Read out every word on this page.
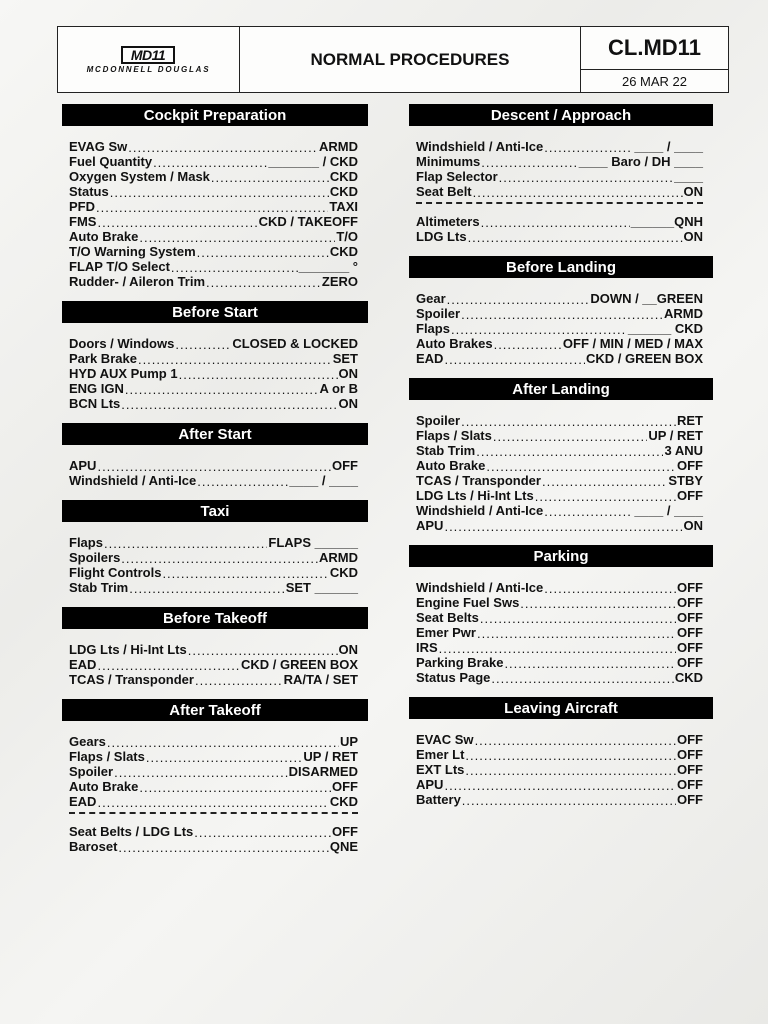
MD11
MCDONNELL DOUGLAS
NORMAL PROCEDURES	CL.MD11
26 MAR 22
Cockpit Preparation
EVAG Sw .....	ARMD
Fuel Quantity .....	_______ / CKD
Oxygen System / Mask .....	CKD
Status .....	CKD
PFD .....	TAXI
FMS .....	CKD / TAKEOFF
Auto Brake .....	T/O
T/O Warning System .....	CKD
FLAP T/O Select .....	_______ °
Rudder- / Aileron Trim .....	ZERO
Before Start
Doors / Windows .....	CLOSED & LOCKED
Park Brake .....	SET
HYD AUX Pump 1 .....	ON
ENG IGN .....	A or B
BCN Lts .....	ON
After Start
APU .....	OFF
Windshield / Anti-Ice .....	____ / ____
Taxi
Flaps .....	FLAPS ______
Spoilers .....	ARMD
Flight Controls .....	CKD
Stab Trim .....	SET ______
Before Takeoff
LDG Lts / Hi-Int Lts .....	ON
EAD .....	CKD / GREEN BOX
TCAS / Transponder .....	RA/TA / SET
After Takeoff
Gears .....	UP
Flaps / Slats .....	UP / RET
Spoiler .....	DISARMED
Auto Brake .....	OFF
EAD .....	CKD
Seat Belts / LDG Lts .....	OFF
Baroset .....	QNE
Descent / Approach
Windshield / Anti-Ice .....	____ / ____
Minimums .....	____ Baro / DH ____
Flap Selector .....	____
Seat Belt .....	ON
Altimeters .....	______QNH
LDG Lts .....	ON
Before Landing
Gear .....	DOWN / __GREEN
Spoiler .....	ARMD
Flaps .....	______ CKD
Auto Brakes .....	OFF / MIN / MED / MAX
EAD .....	CKD / GREEN BOX
After Landing
Spoiler .....	RET
Flaps / Slats .....	UP / RET
Stab Trim .....	3 ANU
Auto Brake .....	OFF
TCAS / Transponder .....	STBY
LDG Lts / Hi-Int Lts .....	OFF
Windshield / Anti-Ice .....	____ / ____
APU .....	ON
Parking
Windshield / Anti-Ice .....	OFF
Engine Fuel Sws .....	OFF
Seat Belts .....	OFF
Emer Pwr .....	OFF
IRS .....	OFF
Parking Brake .....	OFF
Status Page .....	CKD
Leaving Aircraft
EVAC Sw .....	OFF
Emer Lt .....	OFF
EXT Lts .....	OFF
APU .....	OFF
Battery .....	OFF
